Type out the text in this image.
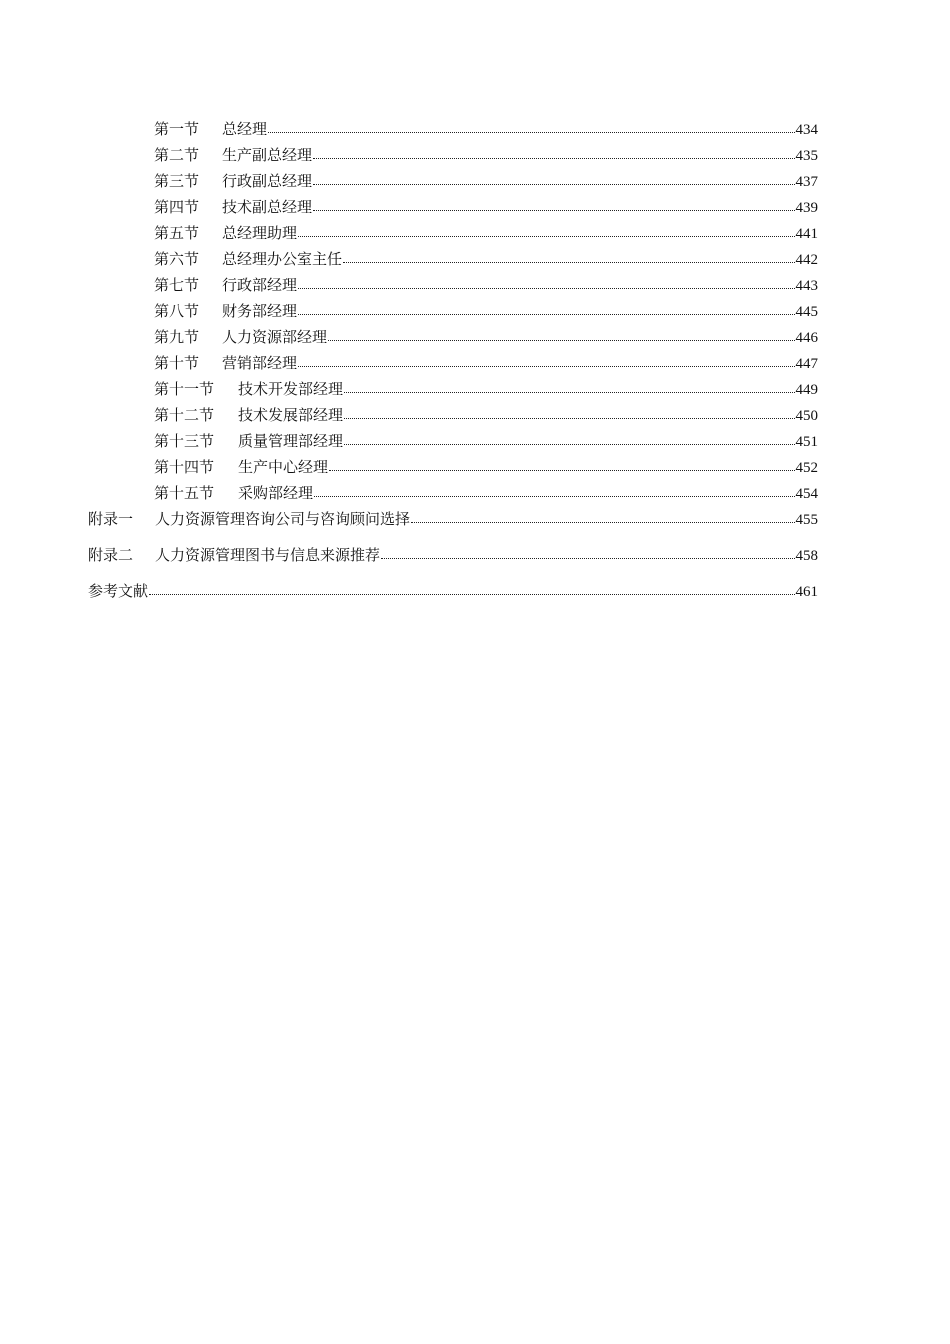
第一节	总经理	434
第二节	生产副总经理	435
第三节	行政副总经理	437
第四节	技术副总经理	439
第五节	总经理助理	441
第六节	总经理办公室主任	442
第七节	行政部经理	443
第八节	财务部经理	445
第九节	人力资源部经理	446
第十节	营销部经理	447
第十一节	技术开发部经理	449
第十二节	技术发展部经理	450
第十三节	质量管理部经理	451
第十四节	生产中心经理	452
第十五节	采购部经理	454
附录一	人力资源管理咨询公司与咨询顾问选择	455
附录二	人力资源管理图书与信息来源推荐	458
参考文献	461
